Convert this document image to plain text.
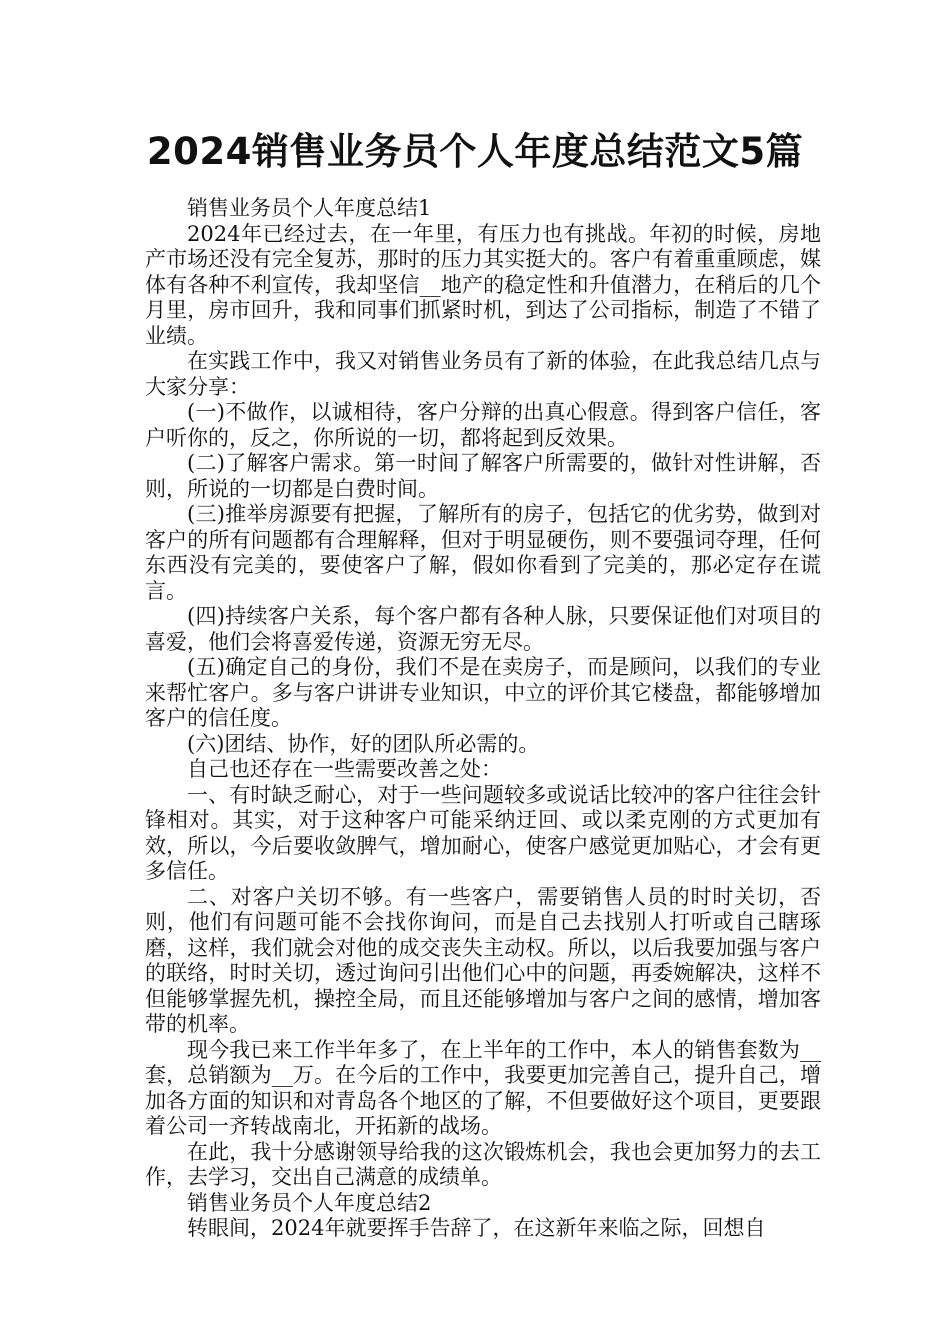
2024销售业务员个人年度总结范文5篇

销售业务员个人年度总结1

2024年已经过去，在一年里，有压力也有挑战。年初的时候，房地产市场还没有完全复苏，那时的压力其实挺大的。客户有着重重顾虑，媒体有各种不利宣传，我却坚信__地产的稳定性和升值潜力，在稍后的几个月里，房市回升，我和同事们抓紧时机，到达了公司指标，制造了不错了业绩。

在实践工作中，我又对销售业务员有了新的体验，在此我总结几点与大家分享：

(一)不做作，以诚相待，客户分辩的出真心假意。得到客户信任，客户听你的，反之，你所说的一切，都将起到反效果。

(二)了解客户需求。第一时间了解客户所需要的，做针对性讲解，否则，所说的一切都是白费时间。

(三)推举房源要有把握，了解所有的房子，包括它的优劣势，做到对客户的所有问题都有合理解释，但对于明显硬伤，则不要强词夺理，任何东西没有完美的，要使客户了解，假如你看到了完美的，那必定存在谎言。

(四)持续客户关系，每个客户都有各种人脉，只要保证他们对项目的喜爱，他们会将喜爱传递，资源无穷无尽。

(五)确定自己的身份，我们不是在卖房子，而是顾问，以我们的专业来帮忙客户。多与客户讲讲专业知识，中立的评价其它楼盘，都能够增加客户的信任度。

(六)团结、协作，好的团队所必需的。

自己也还存在一些需要改善之处：

一、有时缺乏耐心，对于一些问题较多或说话比较冲的客户往往会针锋相对。其实，对于这种客户可能采纳迂回、或以柔克刚的方式更加有效，所以，今后要收敛脾气，增加耐心，使客户感觉更加贴心，才会有更多信任。

二、对客户关切不够。有一些客户，需要销售人员的时时关切，否则，他们有问题可能不会找你询问，而是自己去找别人打听或自己瞎琢磨，这样，我们就会对他的成交丧失主动权。所以，以后我要加强与客户的联络，时时关切，透过询问引出他们心中的问题，再委婉解决，这样不但能够掌握先机，操控全局，而且还能够增加与客户之间的感情，增加客带的机率。

现今我已来工作半年多了，在上半年的工作中，本人的销售套数为__套，总销额为__万。在今后的工作中，我要更加完善自己，提升自己，增加各方面的知识和对青岛各个地区的了解，不但要做好这个项目，更要跟着公司一齐转战南北，开拓新的战场。

在此，我十分感谢领导给我的这次锻炼机会，我也会更加努力的去工作，去学习，交出自己满意的成绩单。

销售业务员个人年度总结2

转眼间，2024年就要挥手告辞了，在这新年来临之际，回想自
